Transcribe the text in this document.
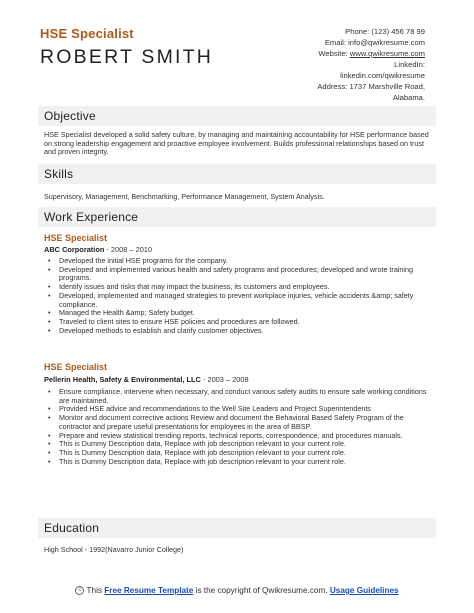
HSE Specialist
ROBERT SMITH
Phone: (123) 456 78 99
Email: info@qwikresume.com
Website: www.qwikresume.com
LinkedIn:
linkedin.com/qwikresume
Address: 1737 Marshville Road,
Alabama.
Objective
HSE Specialist developed a solid safety culture, by managing and maintaining accountability for HSE performance based on strong leadership engagement and proactive employee involvement. Builds professional relationships based on trust and proven integrity.
Skills
Supervisory, Management, Benchmarking, Performance Management, System Analysis.
Work Experience
HSE Specialist
ABC Corporation - 2008 – 2010
• Developed the initial HSE programs for the company.
• Developed and implemented various health and safety programs and procedures; developed and wrote training programs.
• Identify issues and risks that may impact the business, its customers and employees.
• Developed, implemented and managed strategies to prevent workplace injuries, vehicle accidents &amp; safety compliance.
• Managed the Health &amp; Safety budget.
• Traveled to client sites to ensure HSE policies and procedures are followed.
• Developed methods to establish and clarify customer objectives.
HSE Specialist
Pellerin Health, Safety & Environmental, LLC - 2003 – 2008
• Ensure compliance, intervene when necessary, and conduct various safety audits to ensure safe working conditions are maintained.
• Provided HSE advice and recommendations to the Well Site Leaders and Project Superintendents
• Monitor and document corrective actions Review and document the Behavioral Based Safety Program of the contractor and prepare useful presentations for employees in the area of BBSP.
• Prepare and review statistical trending reports, technical reports, correspondence, and procedures manuals.
• This is Dummy Description data, Replace with job description relevant to your current role.
• This is Dummy Description data, Replace with job description relevant to your current role.
• This is Dummy Description data, Replace with job description relevant to your current role.
Education
High School - 1992(Navarro Junior College)
c This Free Resume Template is the copyright of Qwikresume.com. Usage Guidelines
